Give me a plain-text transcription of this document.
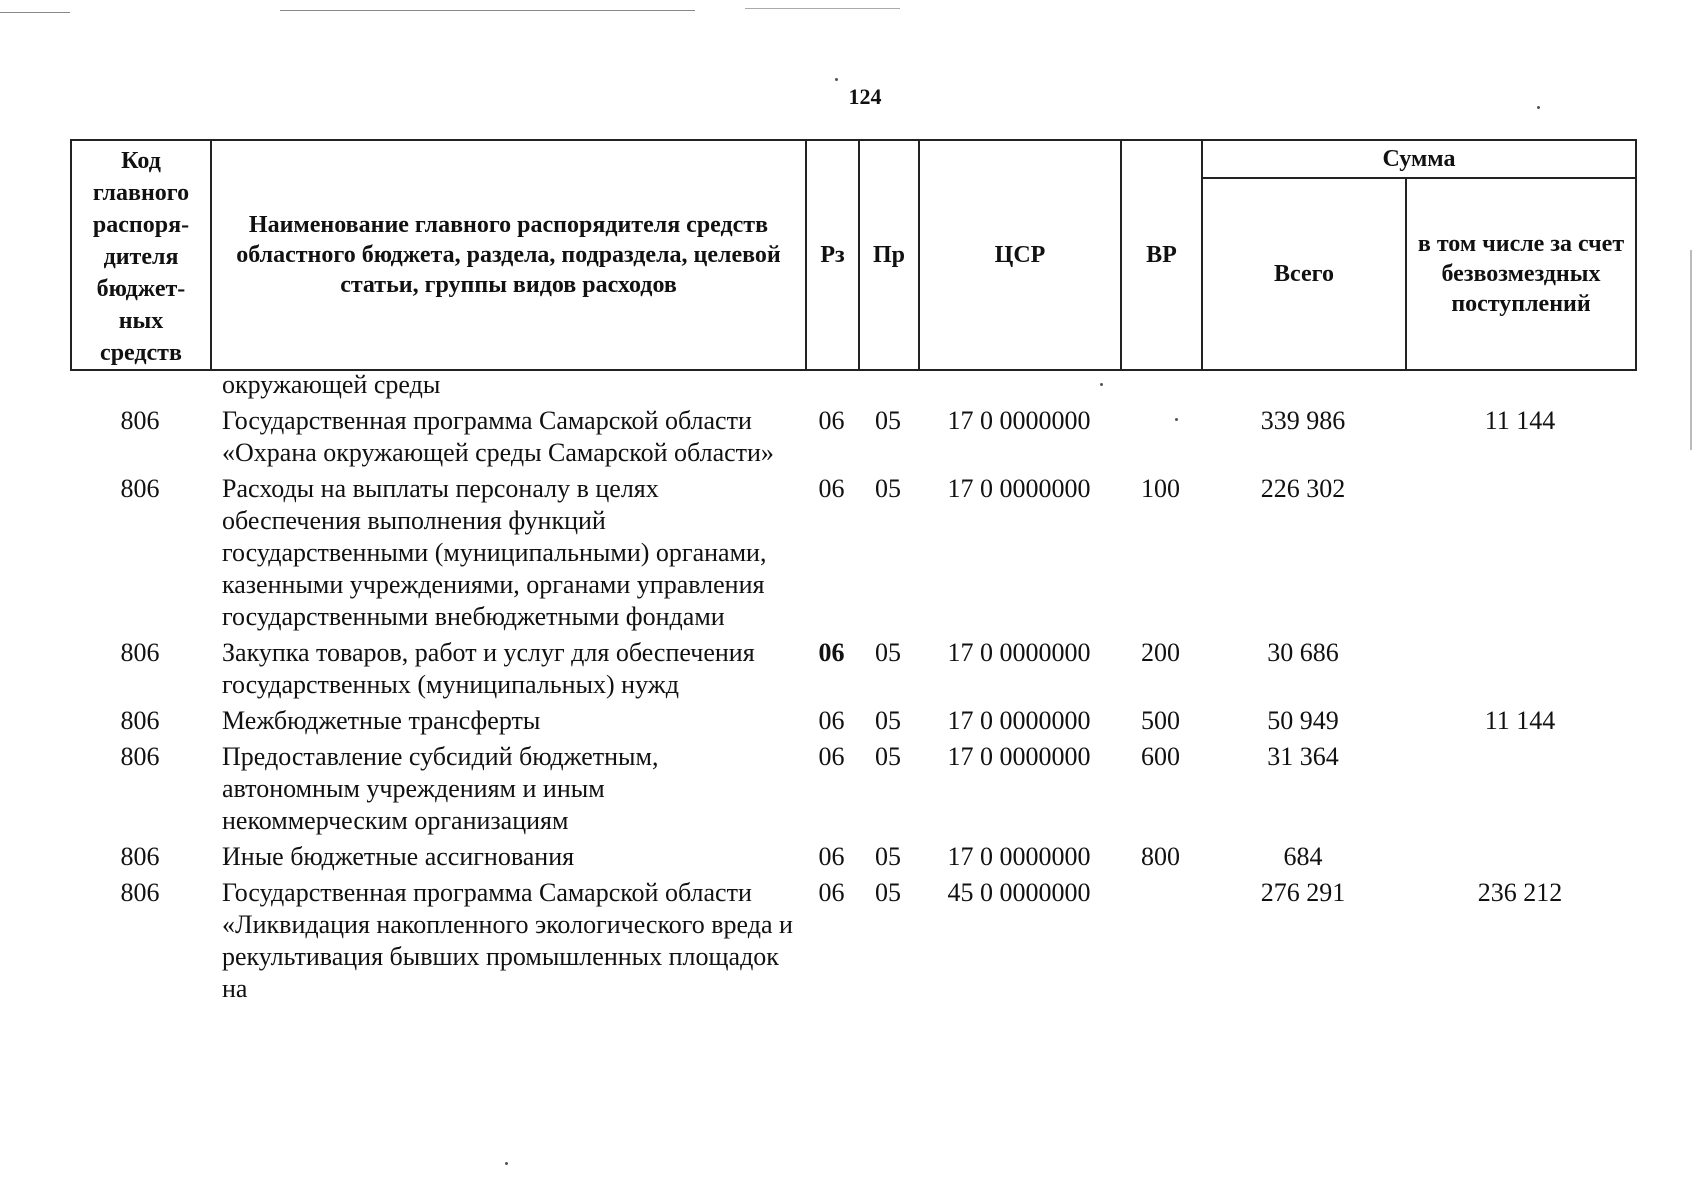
124
Код главного распоря-дителя бюджет-ных средств	Наименование главного распорядителя средств областного бюджета, раздела, подраздела, целевой статьи, группы видов расходов	Рз	Пр	ЦСР	ВР	Сумма	
						Всего	в том числе за счет безвозмездных поступлений
	окружающей среды						
806	Государственная программа Самарской области «Охрана окружающей среды Самарской области»	06	05	17 0 0000000		339 986	11 144
806	Расходы на выплаты персоналу в целях обеспечения выполнения функций государственными (муниципальными) органами, казенными учреждениями, органами управления государственными внебюджетными фондами	06	05	17 0 0000000	100	226 302	
806	Закупка товаров, работ и услуг для обеспечения государственных (муниципальных) нужд	06	05	17 0 0000000	200	30 686	
806	Межбюджетные трансферты	06	05	17 0 0000000	500	50 949	11 144
806	Предоставление субсидий бюджетным, автономным учреждениям и иным некоммерческим организациям	06	05	17 0 0000000	600	31 364	
806	Иные бюджетные ассигнования	06	05	17 0 0000000	800	684	
806	Государственная программа Самарской области «Ликвидация накопленного экологического вреда и рекультивация бывших промышленных площадок на	06	05	45 0 0000000		276 291	236 212
